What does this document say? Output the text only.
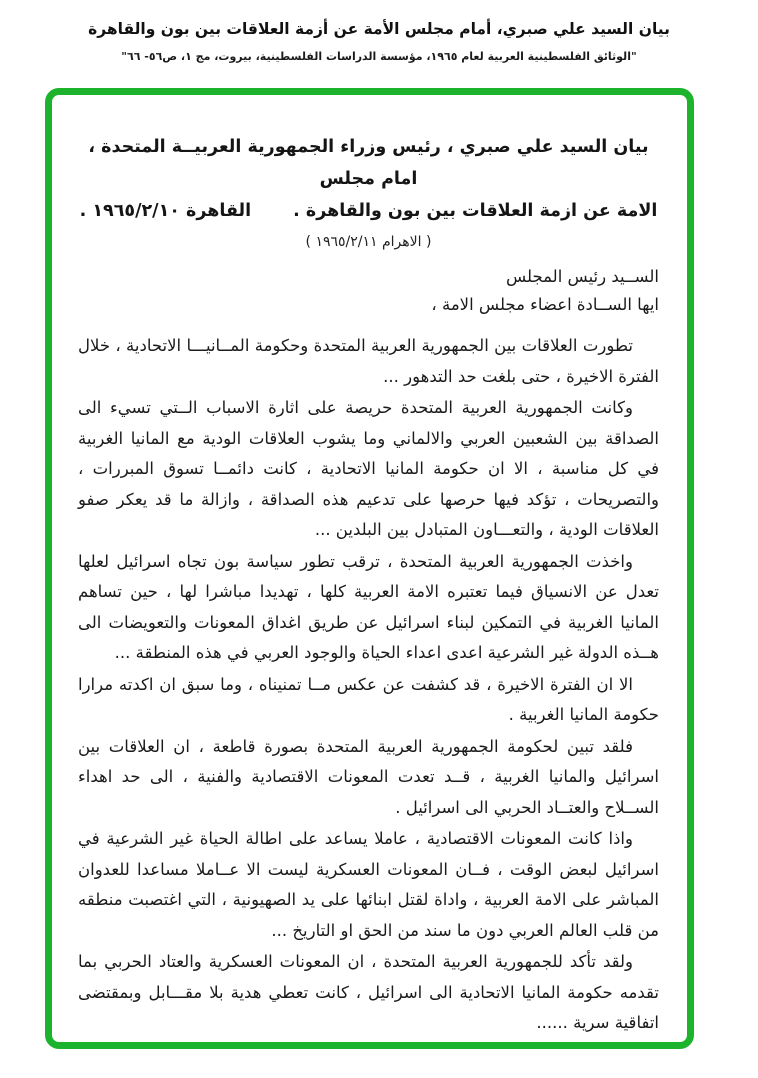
بيان السيد علي صبري، أمام مجلس الأمة عن أزمة العلاقات بين بون والقاهرة
"الوثائق الفلسطينية العربية لعام ١٩٦٥، مؤسسة الدراسات الفلسطينية، بيروت، مج ١، ص٥٦- ٦٦"
بيان السيد علي صبري ، رئيس وزراء الجمهورية العربيــة المتحدة ، امام مجلس
الامة عن ازمة العلاقات بين بون والقاهرة .
القاهرة ١٩٦٥/٢/١٠ .
( الاهرام ١٩٦٥/٢/١١ )
الســيد رئيس المجلس
ايها الســادة اعضاء مجلس الامة ،

تطورت العلاقات بين الجمهورية العربية المتحدة وحكومة المــانيـــا الاتحادية ، خلال الفترة الاخيرة ، حتى بلغت حد التدهور ...

وكانت الجمهورية العربية المتحدة حريصة على اثارة الاسباب الــتي تسيء الى الصداقة بين الشعبين العربي والالماني وما يشوب العلاقات الودية مع المانيا الغربية في كل مناسبة ، الا ان حكومة المانيا الاتحادية ، كانت دائمــا تسوق المبررات ، والتصريحات ، تؤكد فيها حرصها على تدعيم هذه الصداقة ، وازالة ما قد يعكر صفو العلاقات الودية ، والتعـــاون المتبادل بين البلدين ...

واخذت الجمهورية العربية المتحدة ، ترقب تطور سياسة بون تجاه اسرائيل لعلها تعدل عن الانسياق فيما تعتبره الامة العربية كلها ، تهديدا مباشرا لها ، حين تساهم المانيا الغربية في التمكين لبناء اسرائيل عن طريق اغداق المعونات والتعويضات الى هــذه الدولة غير الشرعية اعدى اعداء الحياة والوجود العربي في هذه المنطقة ...

الا ان الفترة الاخيرة ، قد كشفت عن عكس مــا تمنيناه ، وما سبق ان اكدته مرارا حكومة المانيا الغربية .

فلقد تبين لحكومة الجمهورية العربية المتحدة بصورة قاطعة ، ان العلاقات بين اسرائيل والمانيا الغربية ، قــد تعدت المعونات الاقتصادية والفنية ، الى حد اهداء الســلاح والعتــاد الحربي الى اسرائيل .

واذا كانت المعونات الاقتصادية ، عاملا يساعد على اطالة الحياة غير الشرعية في اسرائيل لبعض الوقت ، فــان المعونات العسكرية ليست الا عــاملا مساعدا للعدوان المباشر على الامة العربية ، واداة لقتل ابنائها على يد الصهيونية ، التي اغتصبت منطقه من قلب العالم العربي دون ما سند من الحق او التاريخ ...

ولقد تأكد للجمهورية العربية المتحدة ، ان المعونات العسكرية والعتاد الحربي بما تقدمه حكومة المانيا الاتحادية الى اسرائيل ، كانت تعطي هدية بلا مقـــابل وبمقتضى اتفاقية سرية ......
